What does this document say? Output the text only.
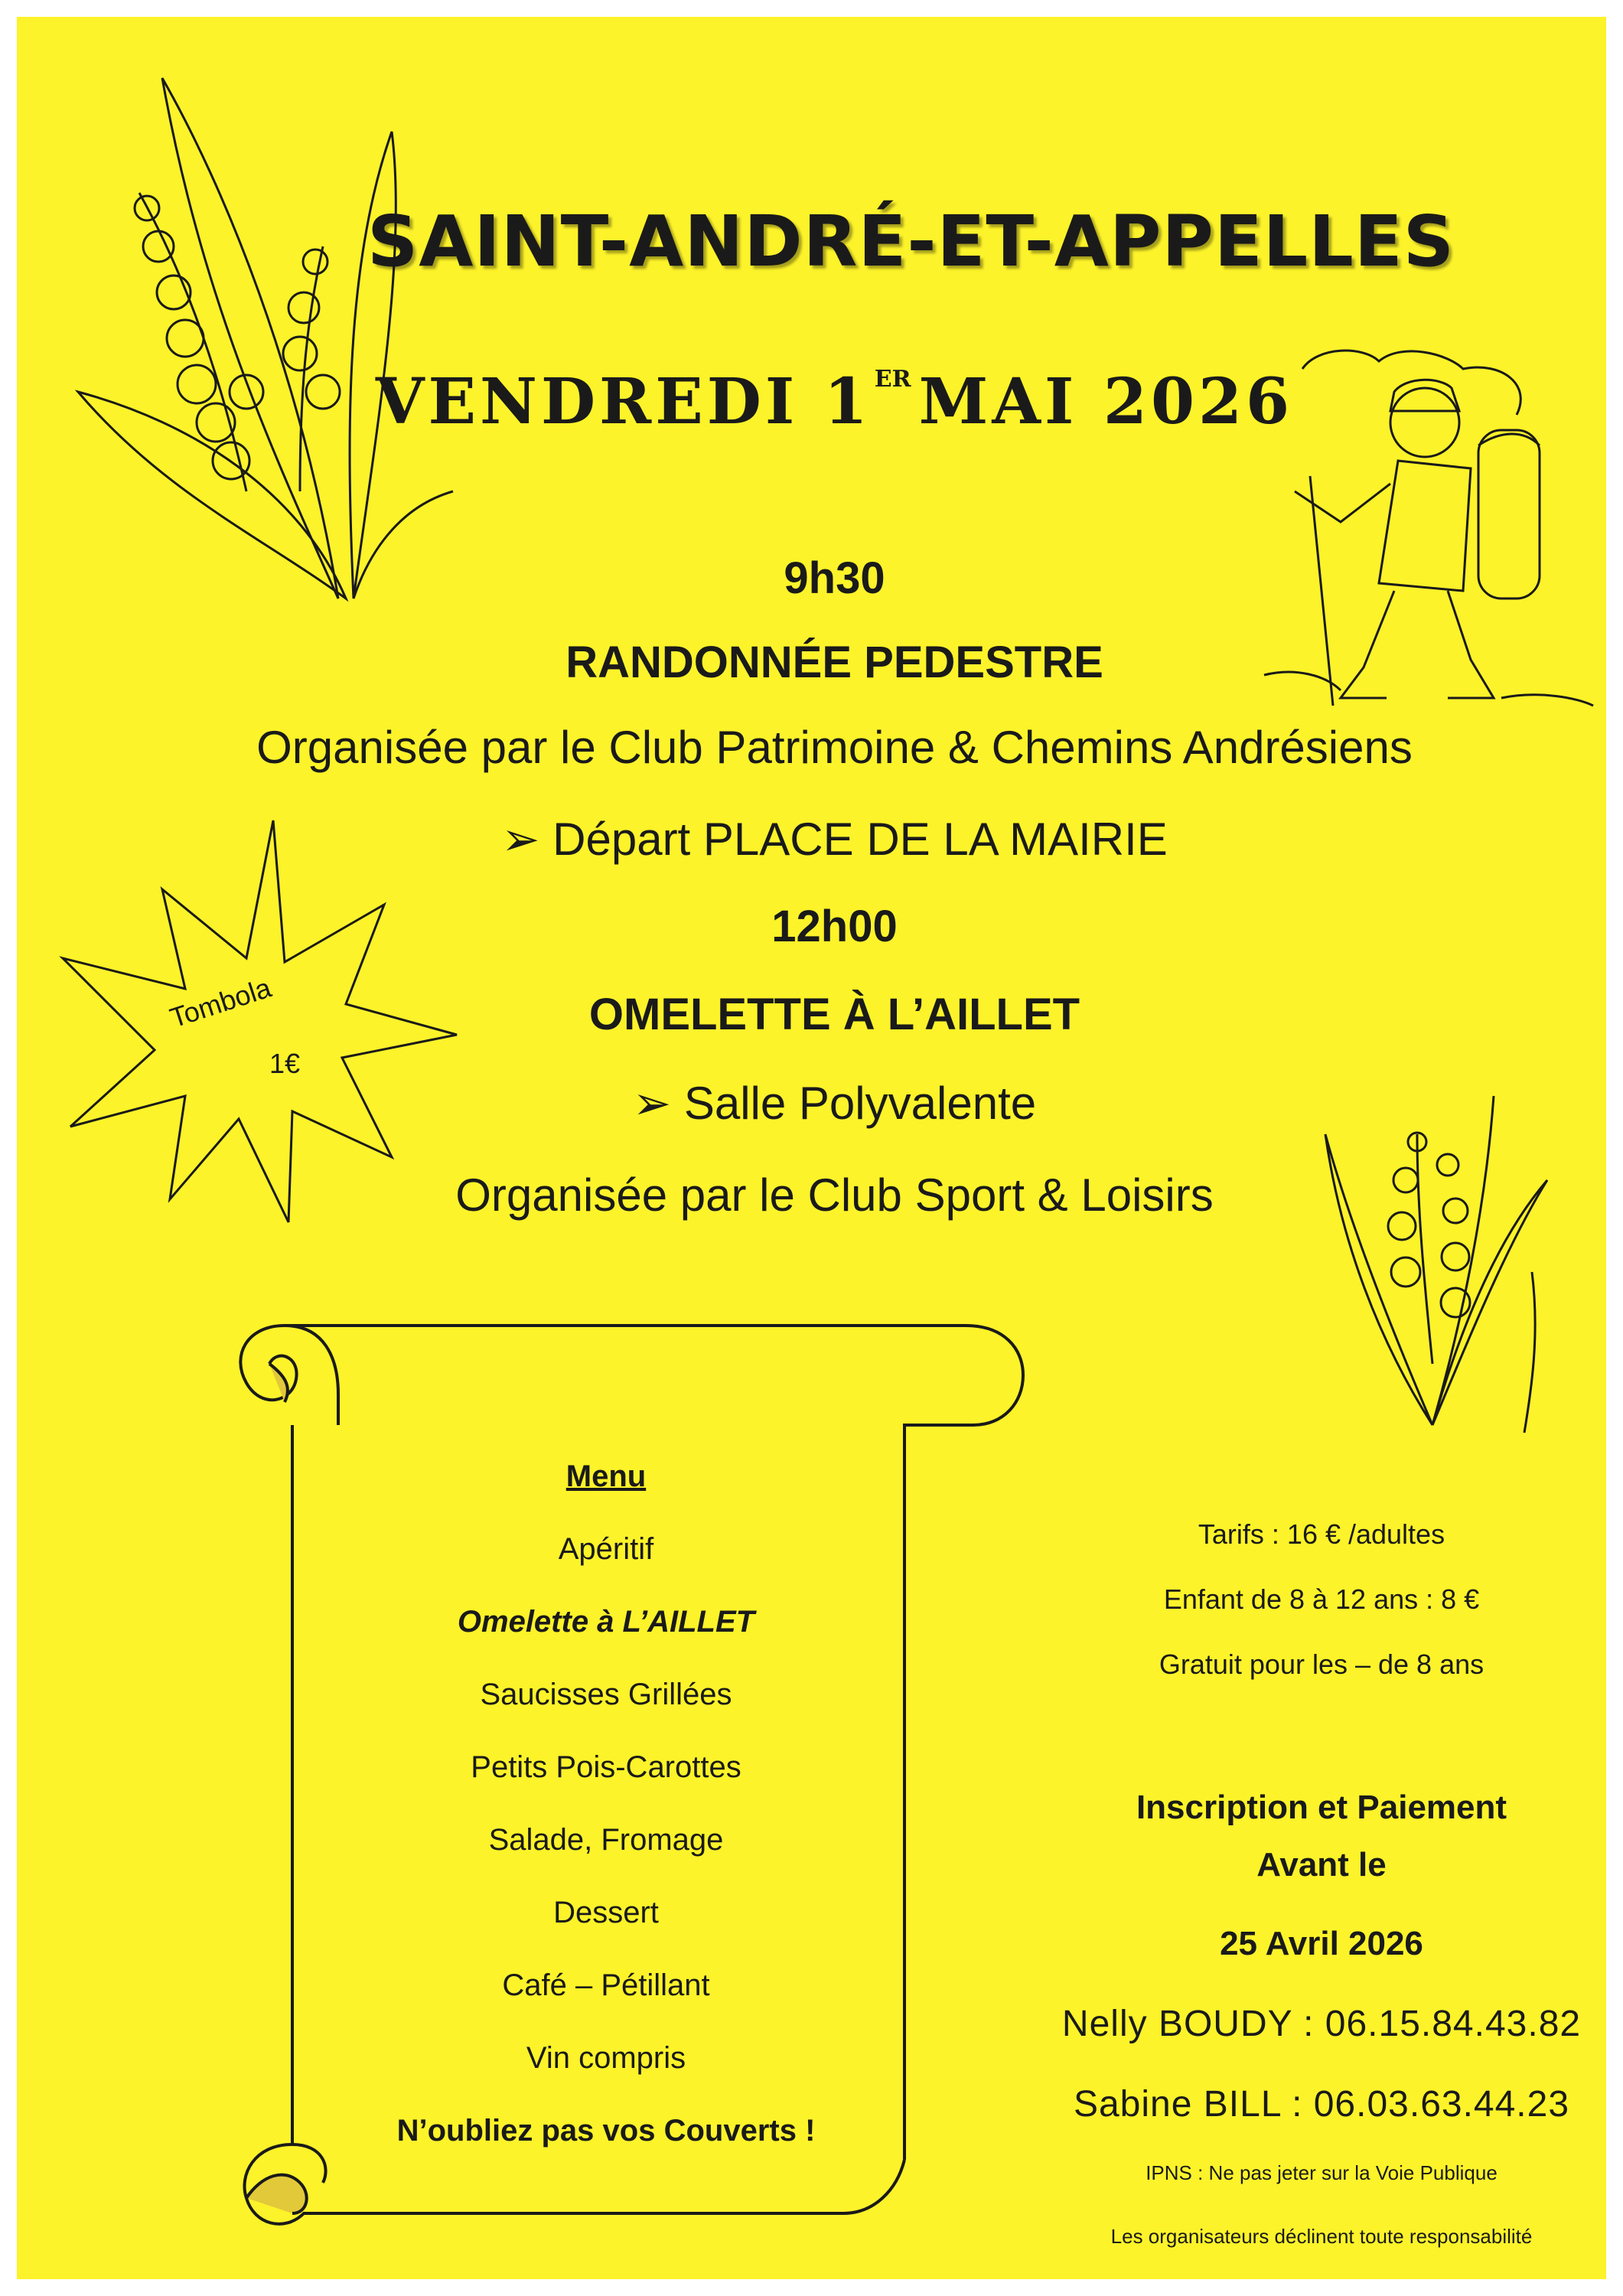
SAINT-ANDRÉ-ET-APPELLES
VENDREDI 1 $^{ER}$ MAI 2026
9h30
RANDONNÉE PEDESTRE
Organisée par le Club Patrimoine & Chemins Andrésiens
➢ Départ PLACE DE LA MAIRIE
12h00
OMELETTE À L’AILLET
➢ Salle Polyvalente
Organisée par le Club Sport & Loisirs
Tombola
1€
Menu
Apéritif
Omelette à L’AILLET
Saucisses Grillées
Petits Pois-Carottes
Salade, Fromage
Dessert
Café – Pétillant
Vin compris
N’oubliez pas vos Couverts !
Tarifs : 16 € /adultes
Enfant de 8 à 12 ans : 8 €
Gratuit pour les – de 8 ans
Inscription et Paiement
Avant le
25 Avril 2026
Nelly BOUDY : 06.15.84.43.82
Sabine BILL : 06.03.63.44.23
IPNS : Ne pas jeter sur la Voie Publique
Les organisateurs déclinent toute responsabilité
